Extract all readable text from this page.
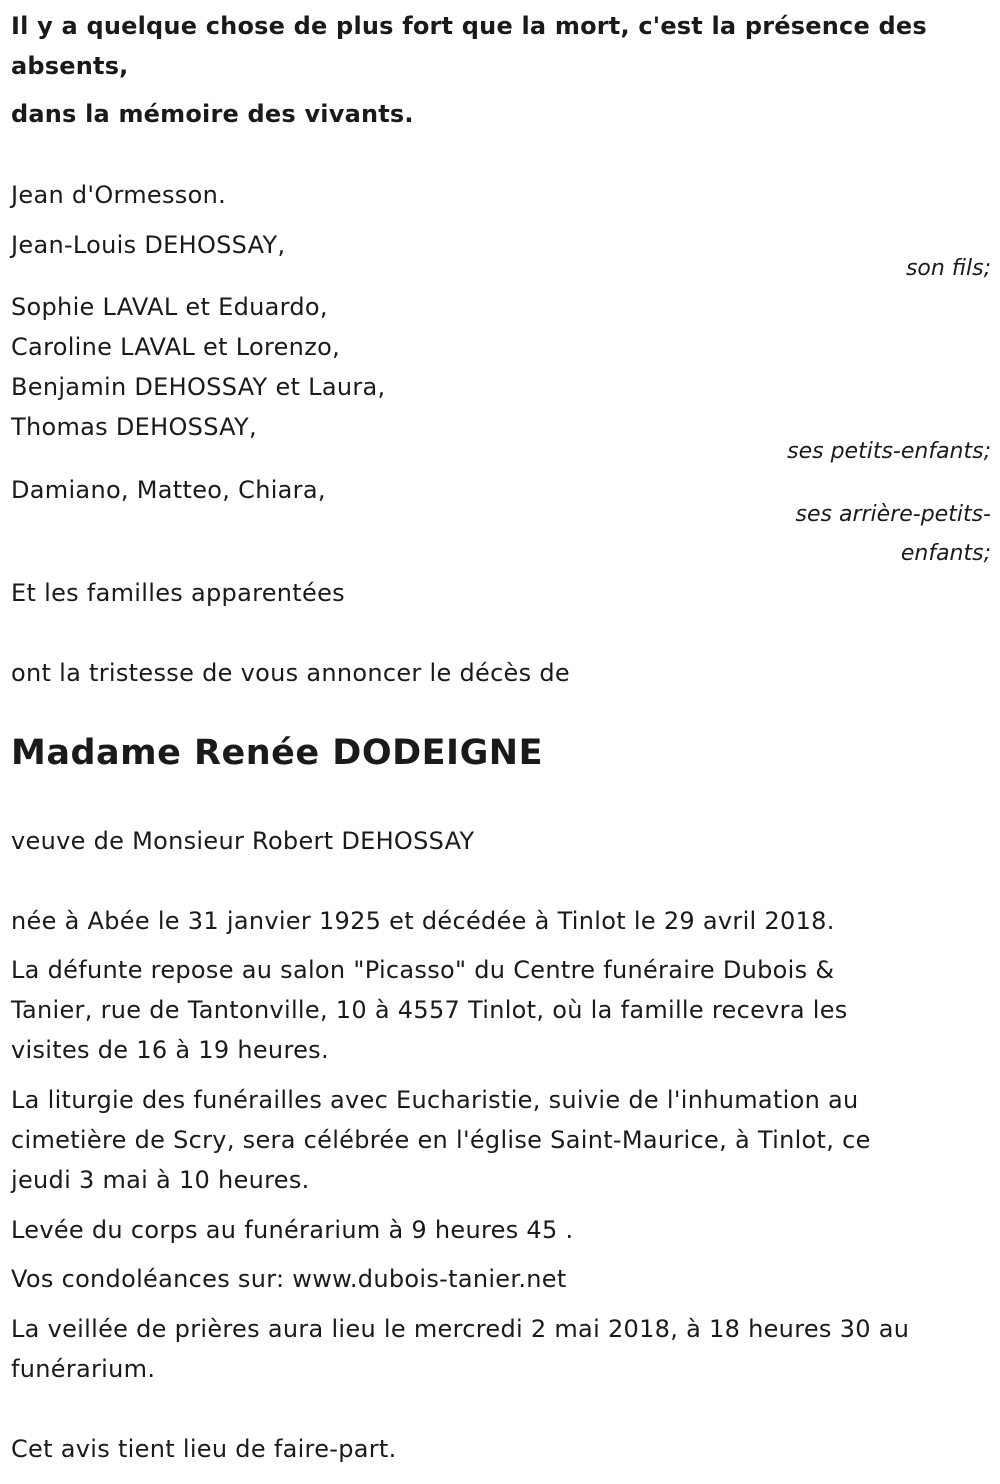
Il y a quelque chose de plus fort que la mort, c'est la présence des
absents,
dans la mémoire des vivants.
Jean d'Ormesson.
Jean-Louis DEHOSSAY,
son fils;
Sophie LAVAL et Eduardo,
Caroline LAVAL et Lorenzo,
Benjamin DEHOSSAY et Laura,
Thomas DEHOSSAY,
ses petits-enfants;
Damiano, Matteo, Chiara,
ses arrière-petits-
enfants;
Et les familles apparentées
ont la tristesse de vous annoncer le décès de
Madame Renée DODEIGNE
veuve de Monsieur Robert DEHOSSAY
née à Abée le 31 janvier 1925 et décédée à Tinlot le 29 avril 2018.
La défunte repose au salon "Picasso" du Centre funéraire Dubois &
Tanier, rue de Tantonville, 10 à 4557 Tinlot, où la famille recevra les
visites de 16 à 19 heures.
La liturgie des funérailles avec Eucharistie, suivie de l'inhumation au
cimetière de Scry, sera célébrée en l'église Saint-Maurice, à Tinlot, ce
jeudi 3 mai à 10 heures.
Levée du corps au funérarium à 9 heures 45 .
Vos condoléances sur: www.dubois-tanier.net
La veillée de prières aura lieu le mercredi 2 mai 2018, à 18 heures 30 au
funérarium.
Cet avis tient lieu de faire-part.
